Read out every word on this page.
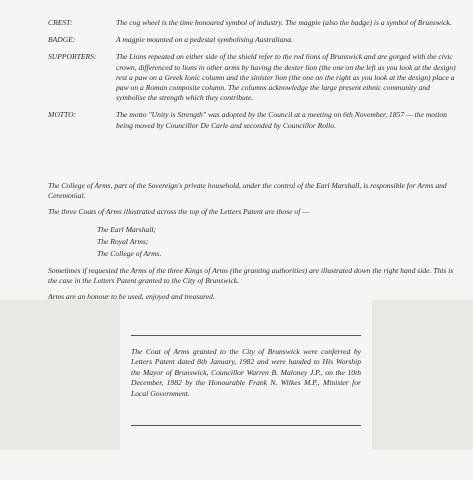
CREST:	The cog wheel is the time honoured symbol of industry. The magpie (also the badge) is a symbol of Brunswick.
BADGE:	A magpie mounted on a pedestal symbolising Australiana.
SUPPORTERS:	The Lions repeated on either side of the shield refer to the red lions of Brunswick and are gorged with the civic crown, differenced to lions in other arms by having the dexter lion (the one on the left as you look at the design) rest a paw on a Greek Ionic column and the sinister lion (the one on the right as you look at the design) place a paw on a Roman composite column. The columns acknowledge the large present ethnic community and symbolise the strength which they contribute.
MOTTO:	The motto "Unity is Strength" was adopted by the Council at a meeting on 6th November, 1857 — the motion being moved by Councillor De Carle and seconded by Councillor Rollo.

The College of Arms, part of the Sovereign's private household, under the control of the Earl Marshall, is responsible for Arms and Ceremonial.

The three Coats of Arms illustrated across the top of the Letters Patent are those of —

The Earl Marshall;
The Royal Arms;
The College of Arms.

Sometimes if requested the Arms of the three Kings of Arms (the granting authorities) are illustrated down the right hand side. This is the case in the Letters Patent granted to the City of Brunswick.

Arms are an honour to be used, enjoyed and treasured.

The Coat of Arms granted to the City of Brunswick were conferred by Letters Patent dated 8th January, 1982 and were handed to His Worship the Mayor of Brunswick, Councillor Warren B. Maloney J.P., on the 10th December, 1982 by the Honourable Frank N. Wilkes M.P., Minister for Local Government.
